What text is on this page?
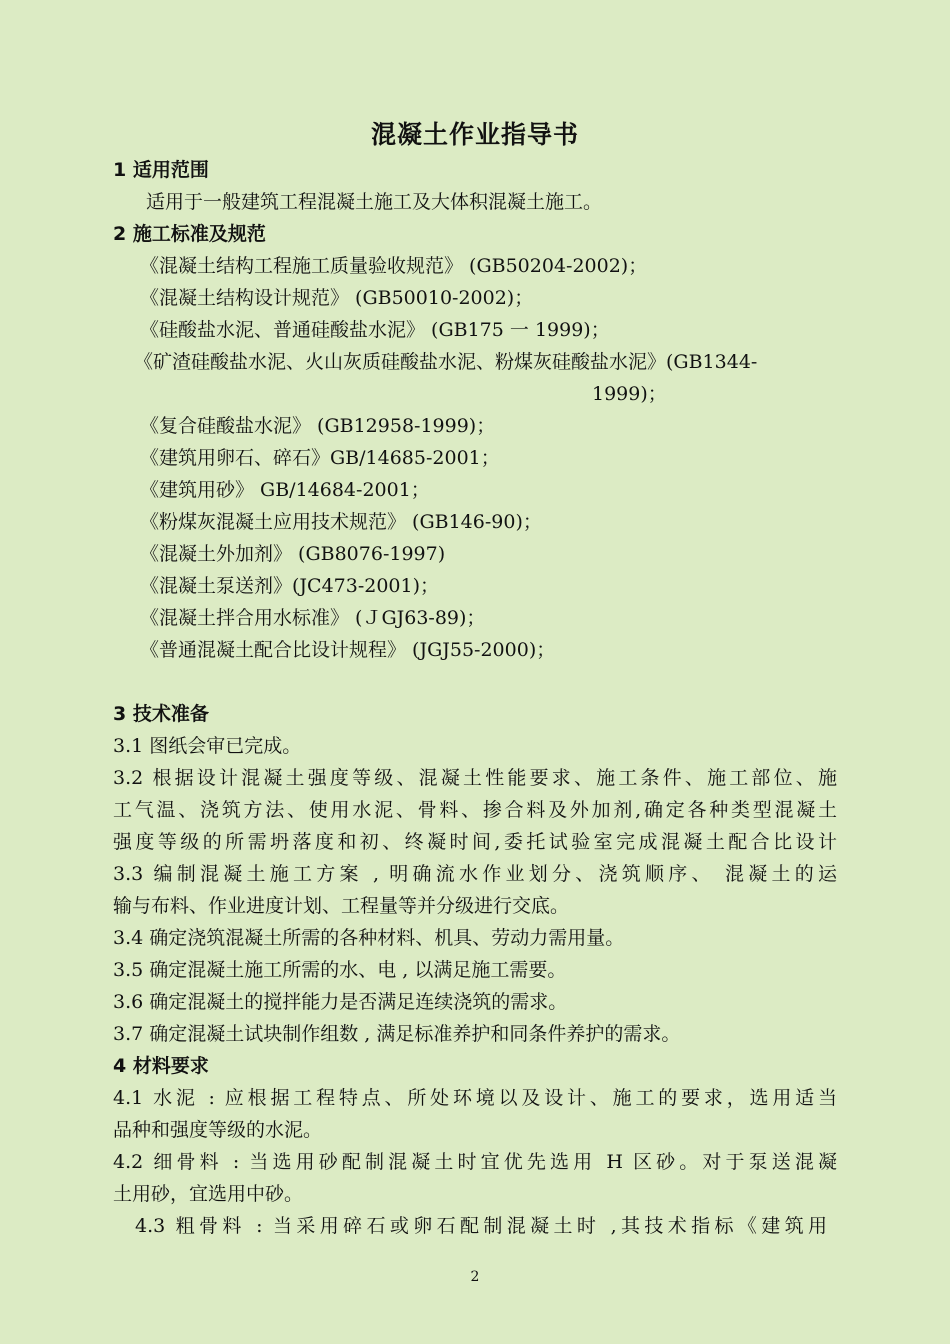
混凝土作业指导书
1 适用范围
适用于一般建筑工程混凝土施工及大体积混凝土施工。
2 施工标准及规范
《混凝土结构工程施工质量验收规范》 (GB50204-2002)；
《混凝土结构设计规范》 (GB50010-2002)；
《硅酸盐水泥、普通硅酸盐水泥》 (GB175 一 1999)；
《矿渣硅酸盐水泥、火山灰质硅酸盐水泥、粉煤灰硅酸盐水泥》(GB1344-
1999)；
《复合硅酸盐水泥》 (GB12958-1999)；
《建筑用卵石、碎石》GB/14685-2001；
《建筑用砂》 GB/14684-2001；
《粉煤灰混凝土应用技术规范》 (GB146-90)；
《混凝土外加剂》 (GB8076-1997)
《混凝土泵送剂》(JC473-2001)；
《混凝土拌合用水标准》 (ＪGJ63-89)；
《普通混凝土配合比设计规程》 (JGJ55-2000)；
3 技术准备
3.1 图纸会审已完成。
3.2 根据设计混凝土强度等级、混凝土性能要求、施工条件、施工部位、施
工气温、浇筑方法、使用水泥、骨料、掺合料及外加剂,确定各种类型混凝土
强度等级的所需坍落度和初、终凝时间,委托试验室完成混凝土配合比设计
3.3 编制混凝土施工方案 , 明确流水作业划分、浇筑顺序、 混凝土的运
输与布料、作业进度计划、工程量等并分级进行交底。
3.4 确定浇筑混凝土所需的各种材料、机具、劳动力需用量。
3.5 确定混凝土施工所需的水、电 , 以满足施工需要。
3.6 确定混凝土的搅拌能力是否满足连续浇筑的需求。
3.7 确定混凝土试块制作组数 , 满足标准养护和同条件养护的需求。
4 材料要求
4.1 水泥 : 应根据工程特点、所处环境以及设计、施工的要求，选用适当
品种和强度等级的水泥。
4.2 细骨料 : 当选用砂配制混凝土时宜优先选用 H 区砂。对于泵送混凝
土用砂，宜选用中砂。
4.3 粗骨料 : 当采用碎石或卵石配制混凝土时 ,其技术指标《建筑用
2
